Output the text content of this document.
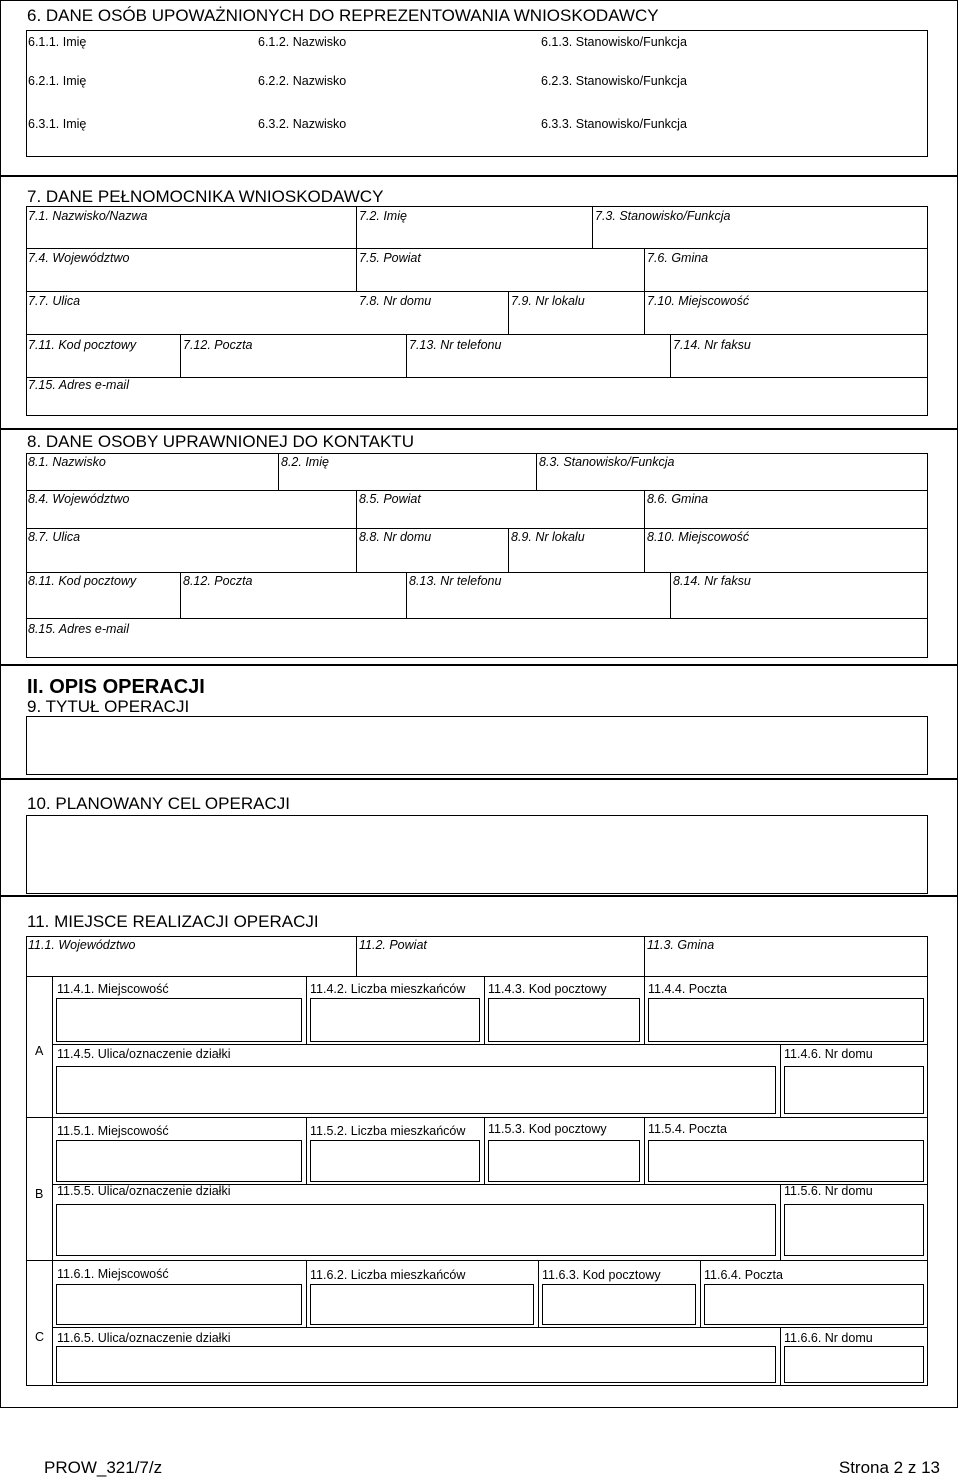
6. DANE OSÓB UPOWAŻNIONYCH DO REPREZENTOWANIA WNIOSKODAWCY
6.1.1. Imię	6.1.2. Nazwisko	6.1.3. Stanowisko/Funkcja
6.2.1. Imię	6.2.2. Nazwisko	6.2.3. Stanowisko/Funkcja
6.3.1. Imię	6.3.2. Nazwisko	6.3.3. Stanowisko/Funkcja
7. DANE PEŁNOMOCNIKA WNIOSKODAWCY
7.1. Nazwisko/Nazwa	7.2. Imię	7.3. Stanowisko/Funkcja
7.4. Województwo	7.5. Powiat	7.6. Gmina
7.7. Ulica	7.8. Nr domu	7.9. Nr lokalu	7.10. Miejscowość
7.11. Kod pocztowy	7.12. Poczta	7.13. Nr telefonu	7.14. Nr faksu
7.15. Adres e-mail
8. DANE OSOBY UPRAWNIONEJ DO KONTAKTU
8.1. Nazwisko	8.2. Imię	8.3. Stanowisko/Funkcja
8.4. Województwo	8.5. Powiat	8.6. Gmina
8.7. Ulica	8.8. Nr domu	8.9. Nr lokalu	8.10. Miejscowość
8.11. Kod pocztowy	8.12. Poczta	8.13. Nr telefonu	8.14. Nr faksu
8.15. Adres e-mail
II. OPIS OPERACJI
9. TYTUŁ OPERACJI
10. PLANOWANY CEL OPERACJI
11. MIEJSCE REALIZACJI OPERACJI
11.1. Województwo	11.2. Powiat	11.3. Gmina
A
11.4.1. Miejscowość	11.4.2. Liczba mieszkańców 11.4.3. Kod pocztowy	11.4.4. Poczta
11.4.5. Ulica/oznaczenie działki	11.4.6. Nr domu
B
11.5.1. Miejscowość	11.5.2. Liczba mieszkańców 11.5.3. Kod pocztowy	11.5.4. Poczta
11.5.5. Ulica/oznaczenie działki	11.5.6. Nr domu
C
11.6.1. Miejscowość	11.6.2. Liczba mieszkańców	11.6.3. Kod pocztowy	11.6.4. Poczta
11.6.5. Ulica/oznaczenie działki	11.6.6. Nr domu
PROW_321/7/z	Strona 2 z 13
